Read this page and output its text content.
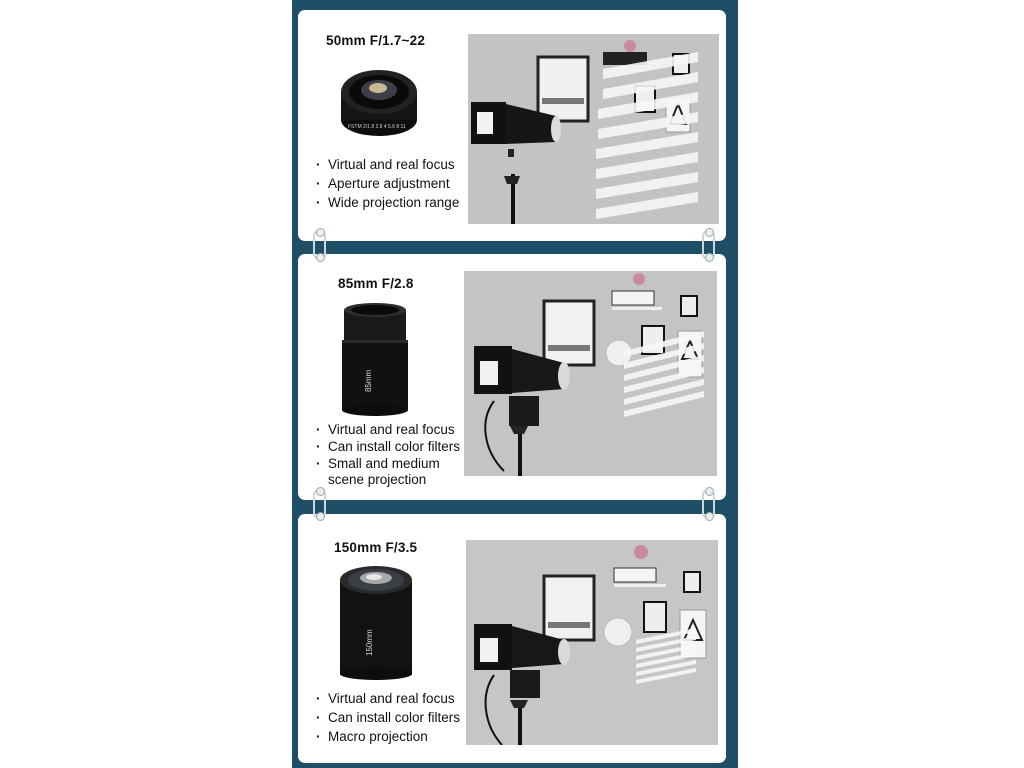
50mm F/1.7~22
FSTM 2/1.8 2.8 4 5.6 8 11
· Virtual and real focus
· Aperture adjustment
· Wide projection range
85mm F/2.8
85mm
· Virtual and real focus
· Can install color filters
· Small and medium
scene projection
150mm F/3.5
150mm
· Virtual and real focus
· Can install color filters
· Macro projection
